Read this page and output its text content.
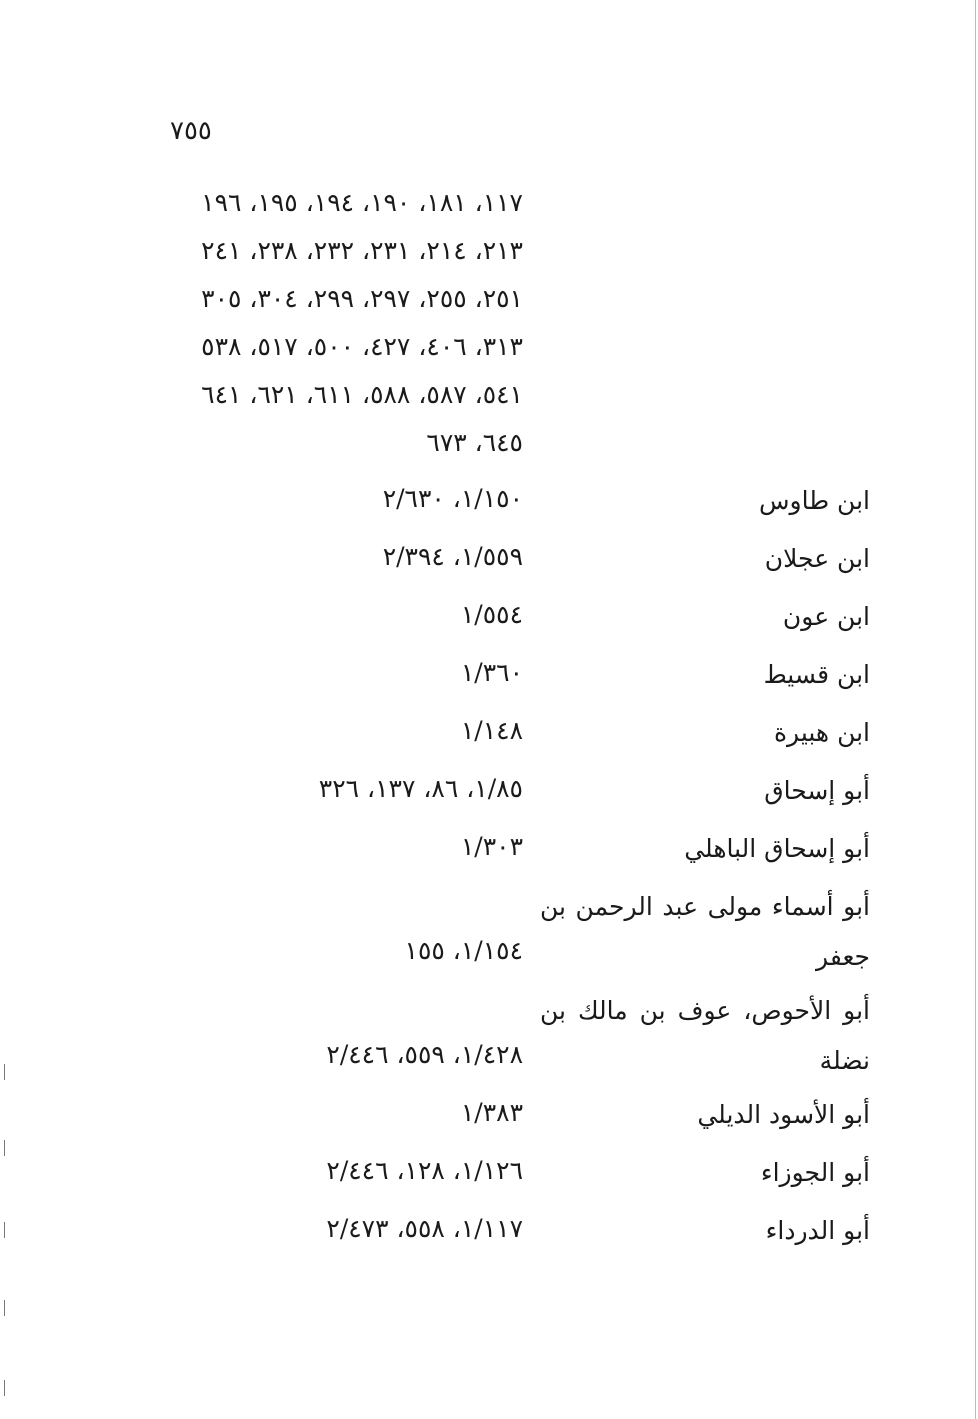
٧٥٥
١١٧، ١٨١، ١٩٠، ١٩٤، ١٩٥، ١٩٦
٢١٣، ٢١٤، ٢٣١، ٢٣٢، ٢٣٨، ٢٤١
٢٥١، ٢٥٥، ٢٩٧، ٢٩٩، ٣٠٤، ٣٠٥
٣١٣، ٤٠٦، ٤٢٧، ٥٠٠، ٥١٧، ٥٣٨
٥٤١، ٥٨٧، ٥٨٨، ٦١١، ٦٢١، ٦٤١
٦٤٥، ٦٧٣
ابن طاوس
١/١٥٠، ٢/٦٣٠
ابن عجلان
١/٥٥٩، ٢/٣٩٤
ابن عون
١/٥٥٤
ابن قسيط
١/٣٦٠
ابن هبيرة
١/١٤٨
أبو إسحاق
١/٨٥، ٨٦، ١٣٧، ٣٢٦
أبو إسحاق الباهلي
١/٣٠٣
أبو أسماء مولى عبد الرحمن بن
جعفر
١/١٥٤، ١٥٥
أبو الأحوص، عوف بن مالك بن
نضلة
١/٤٢٨، ٥٥٩، ٢/٤٤٦
أبو الأسود الديلي
١/٣٨٣
أبو الجوزاء
١/١٢٦، ١٢٨، ٢/٤٤٦
أبو الدرداء
١/١١٧، ٥٥٨، ٢/٤٧٣
